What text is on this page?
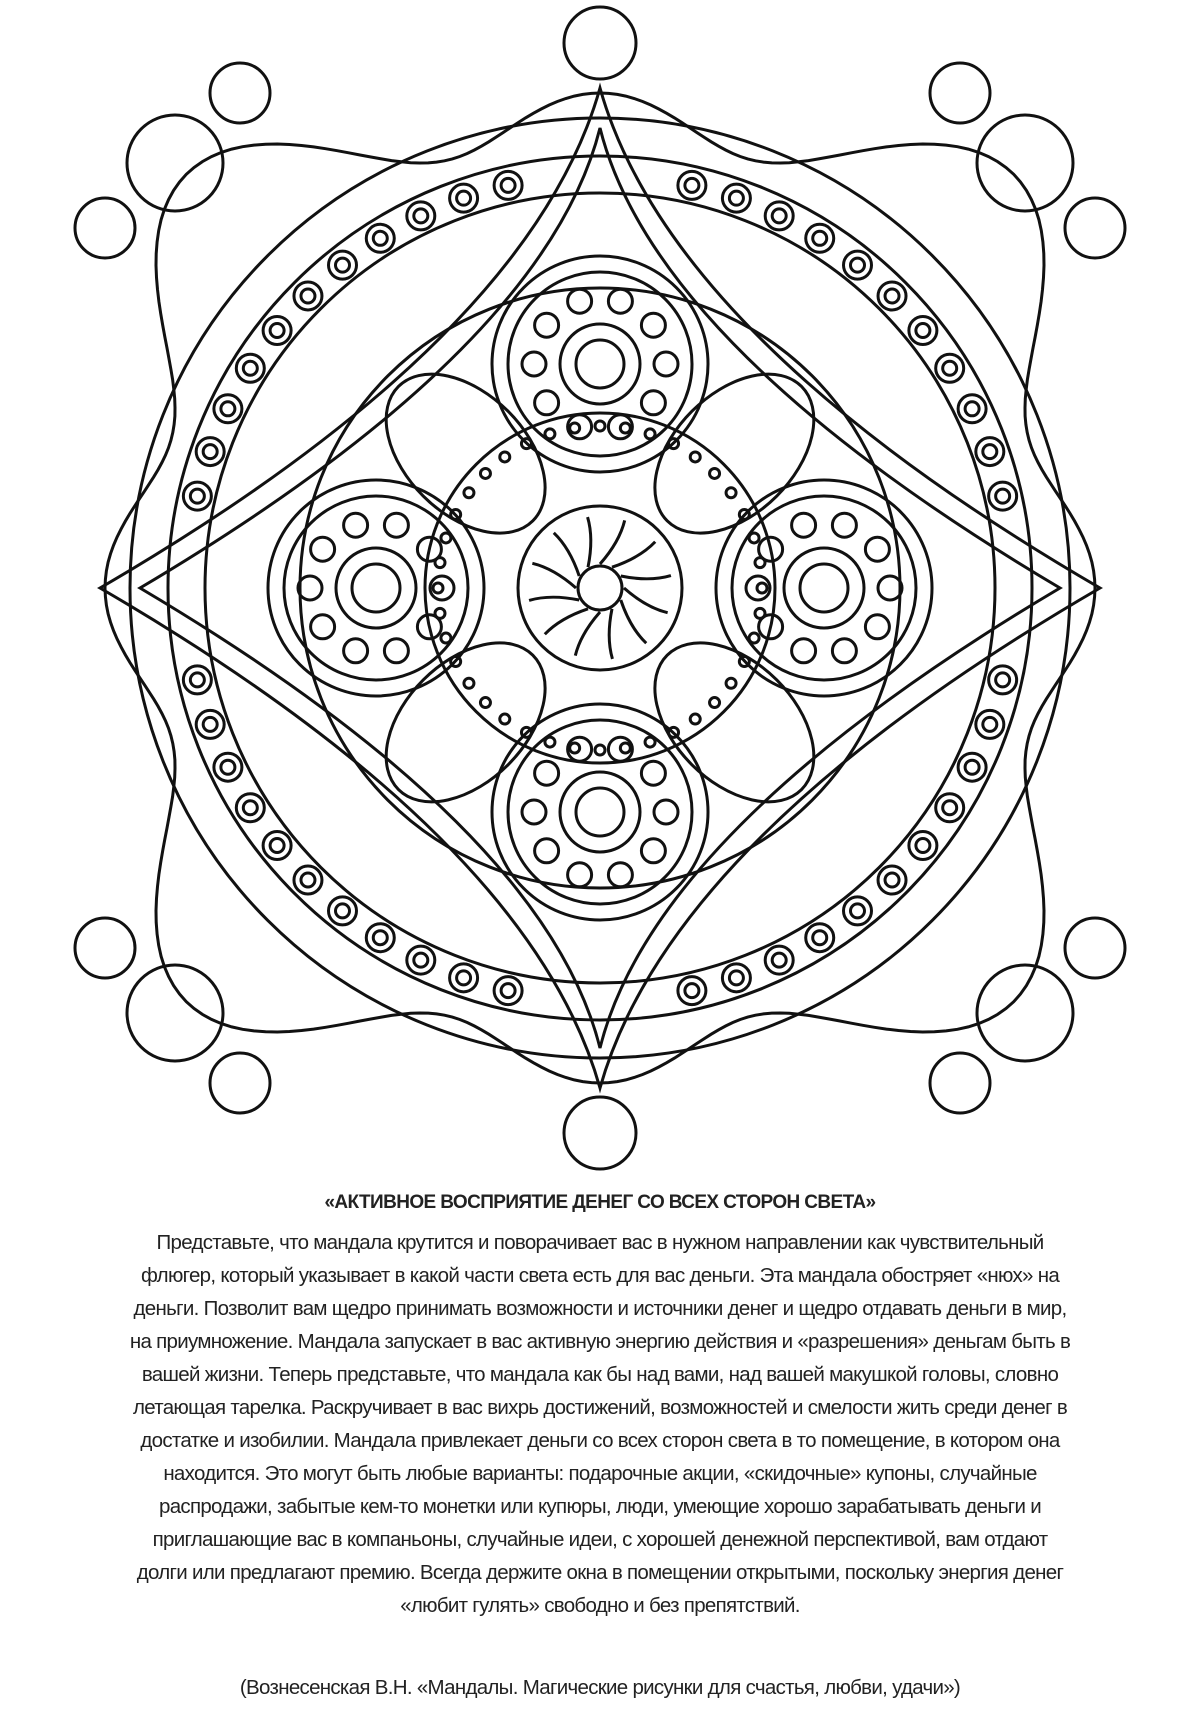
«АКТИВНОЕ ВОСПРИЯТИЕ ДЕНЕГ СО ВСЕХ СТОРОН СВЕТА»
Представьте, что мандала крутится и поворачивает вас в нужном направлении как чувствительный
флюгер, который указывает в какой части света есть для вас деньги. Эта мандала обостряет «нюх» на
деньги. Позволит вам щедро принимать возможности и источники денег и щедро отдавать деньги в мир,
на приумножение. Мандала запускает в вас активную энергию действия и «разрешения» деньгам быть в
вашей жизни. Теперь представьте, что мандала как бы над вами, над вашей макушкой головы, словно
летающая тарелка. Раскручивает в вас вихрь достижений, возможностей и смелости жить среди денег в
достатке и изобилии. Мандала привлекает деньги со всех сторон света в то помещение, в котором она
находится. Это могут быть любые варианты: подарочные акции, «скидочные» купоны, случайные
распродажи, забытые кем-то монетки или купюры, люди, умеющие хорошо зарабатывать деньги и
приглашающие вас в компаньоны, случайные идеи, с хорошей денежной перспективой, вам отдают
долги или предлагают премию. Всегда держите окна в помещении открытыми, поскольку энергия денег
«любит гулять» свободно и без препятствий.
(Вознесенская В.Н. «Мандалы. Магические рисунки для счастья, любви, удачи»)
